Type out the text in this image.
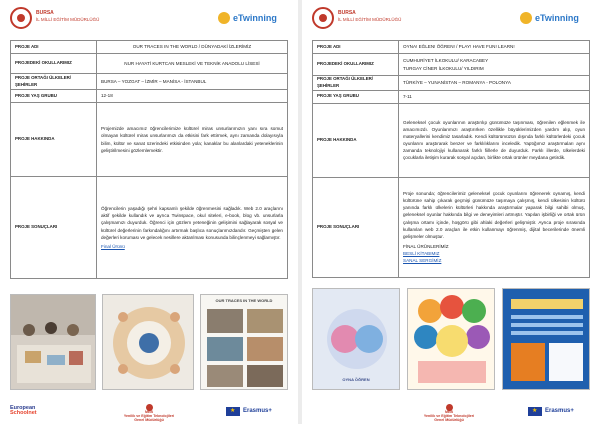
BURSA
İL MİLLİ EĞİTİM MÜDÜRLÜĞÜ	eTwinning
PROJE ADI	OUR TRACES IN THE WORLD / DÜNYADAKİ İZLERİMİZ
PROJEDEKİ OKULLARIMIZ	NUR HAYATİ KURTCAN MESLEKİ VE TEKNİK ANADOLU LİSESİ
PROJE ORTAĞI ÜLKELER/ŞEHİRLER	BURSA – YOZGAT – İZMİR – MANİSA - İSTANBUL
PROJE YAŞ GRUBU	12-18
PROJE HAKKINDA	Projemizde amacımız öğrencilerimize kültürel miras unsurlarımızın yanı sıra somut olmayan kültürel miras unsurlarımızı da etkisini fark ettirmek, aynı zamanda dolayısıyla bilim, kültür ve sanat üzerindeki etkisinden yola; kanaklar bu alanlardaki yeteneklerinin geliştirilmesini gözlemlemektir.
PROJE SONUÇLARI	Öğrencilerin yaşadığı şehri kapsamlı şekilde öğrenmesini sağladık. Web 2.0 araçlarını aktif şekilde kullandık ve ayrıca Twinspace, okul siteleri, e-book, blog vb. unsurlarla çalışmamızı duyurduk. Öğrenci için gözlem yeteneğinin gelişimini sağlayarak sosyal ve kültürel değerlerinin farkındalığını artırmak başlıca sonuçlarımızdandır. Geçmişten gelen değerleri koruması ve gelecek nesillere aktarılması konusunda bilinçlenmeyi sağlamıştır.
Final Ürünü
OUR TRACES IN THE WORLD
European
Schoolnet	MEB
Yenilik ve Eğitim Teknolojileri
Genel Müdürlüğü
★
Erasmus+
BURSA
İL MİLLİ EĞİTİM MÜDÜRLÜĞÜ	eTwinning
PROJE ADI	OYNA! EĞLEN! ÖĞREN! / PLAY! HAVE FUN! LEARN!
PROJEDEKİ OKULLARIMIZ	CUMHURİYET İLKOKULU/ KARACABEY
TURGAY CİNER İLKOKULU/ YILDIRIM

PROJE ORTAĞI ÜLKELER/ŞEHİRLER	TÜRKİYE – YUNANİSTAN – ROMANYA - POLONYA
PROJE YAŞ GRUBU	7-11
PROJE HAKKINDA	Geleneksel çocuk oyunlarının araştırılıp günümüze taşınması, öğrenilen eğlenmek ile amacımızdı. Oyunlarımızı araştırırken özellikle büyüklerimizden yardım alıp, oyun materyallerini kendimiz tasarladık. Kendi kültürümüzün dışında farklı kültürlerdeki çocuk oyunlarını araştırarak benzer ve farklılıklarını inceledik. Yaptığımız araştırmaları aynı zamanda teknolojiyi kullanarak farklı fiillerle de duyurduk. Farklı illerde, ülkelerdeki çocuklarla iletişim kurarak sosyal açıdan, birlikte ortak ürünler meydana getirdik.
PROJE SONUÇLARI	Proje sonunda; öğrencilerimiz geleneksel çocuk oyunlarını öğrenerek oynamış, kendi kültürüne sahip çıkarak geçmişi günümüze taşımaya çalışmış, kendi ülkesinin kültürü yanında farklı ülkelerin kültürleri hakkında araştırmalar yaparak bilgi sahibi olmuş, geleneksel oyunlar hakkında bilgi ve deneyimleri artmıştır. Yapılan işbirliği ve ortak ürün çalışma ortamı içinde, hoşgörü gibi ahlaki değerleri gelişmiştir. Ayrıca proje sırasında kullanılan web 2.0 araçları ile etkin kullanmayı öğrenmiş, dijital becerilerinde önemli gelişmeler olmuştur.
FİNAL ÜRÜNLERİMİZ
BESLİ KİTABIMIZ
SANAL SERGİMİZ
OYNA ÖĞREN
MEB
Yenilik ve Eğitim Teknolojileri
Genel Müdürlüğü
★
Erasmus+
